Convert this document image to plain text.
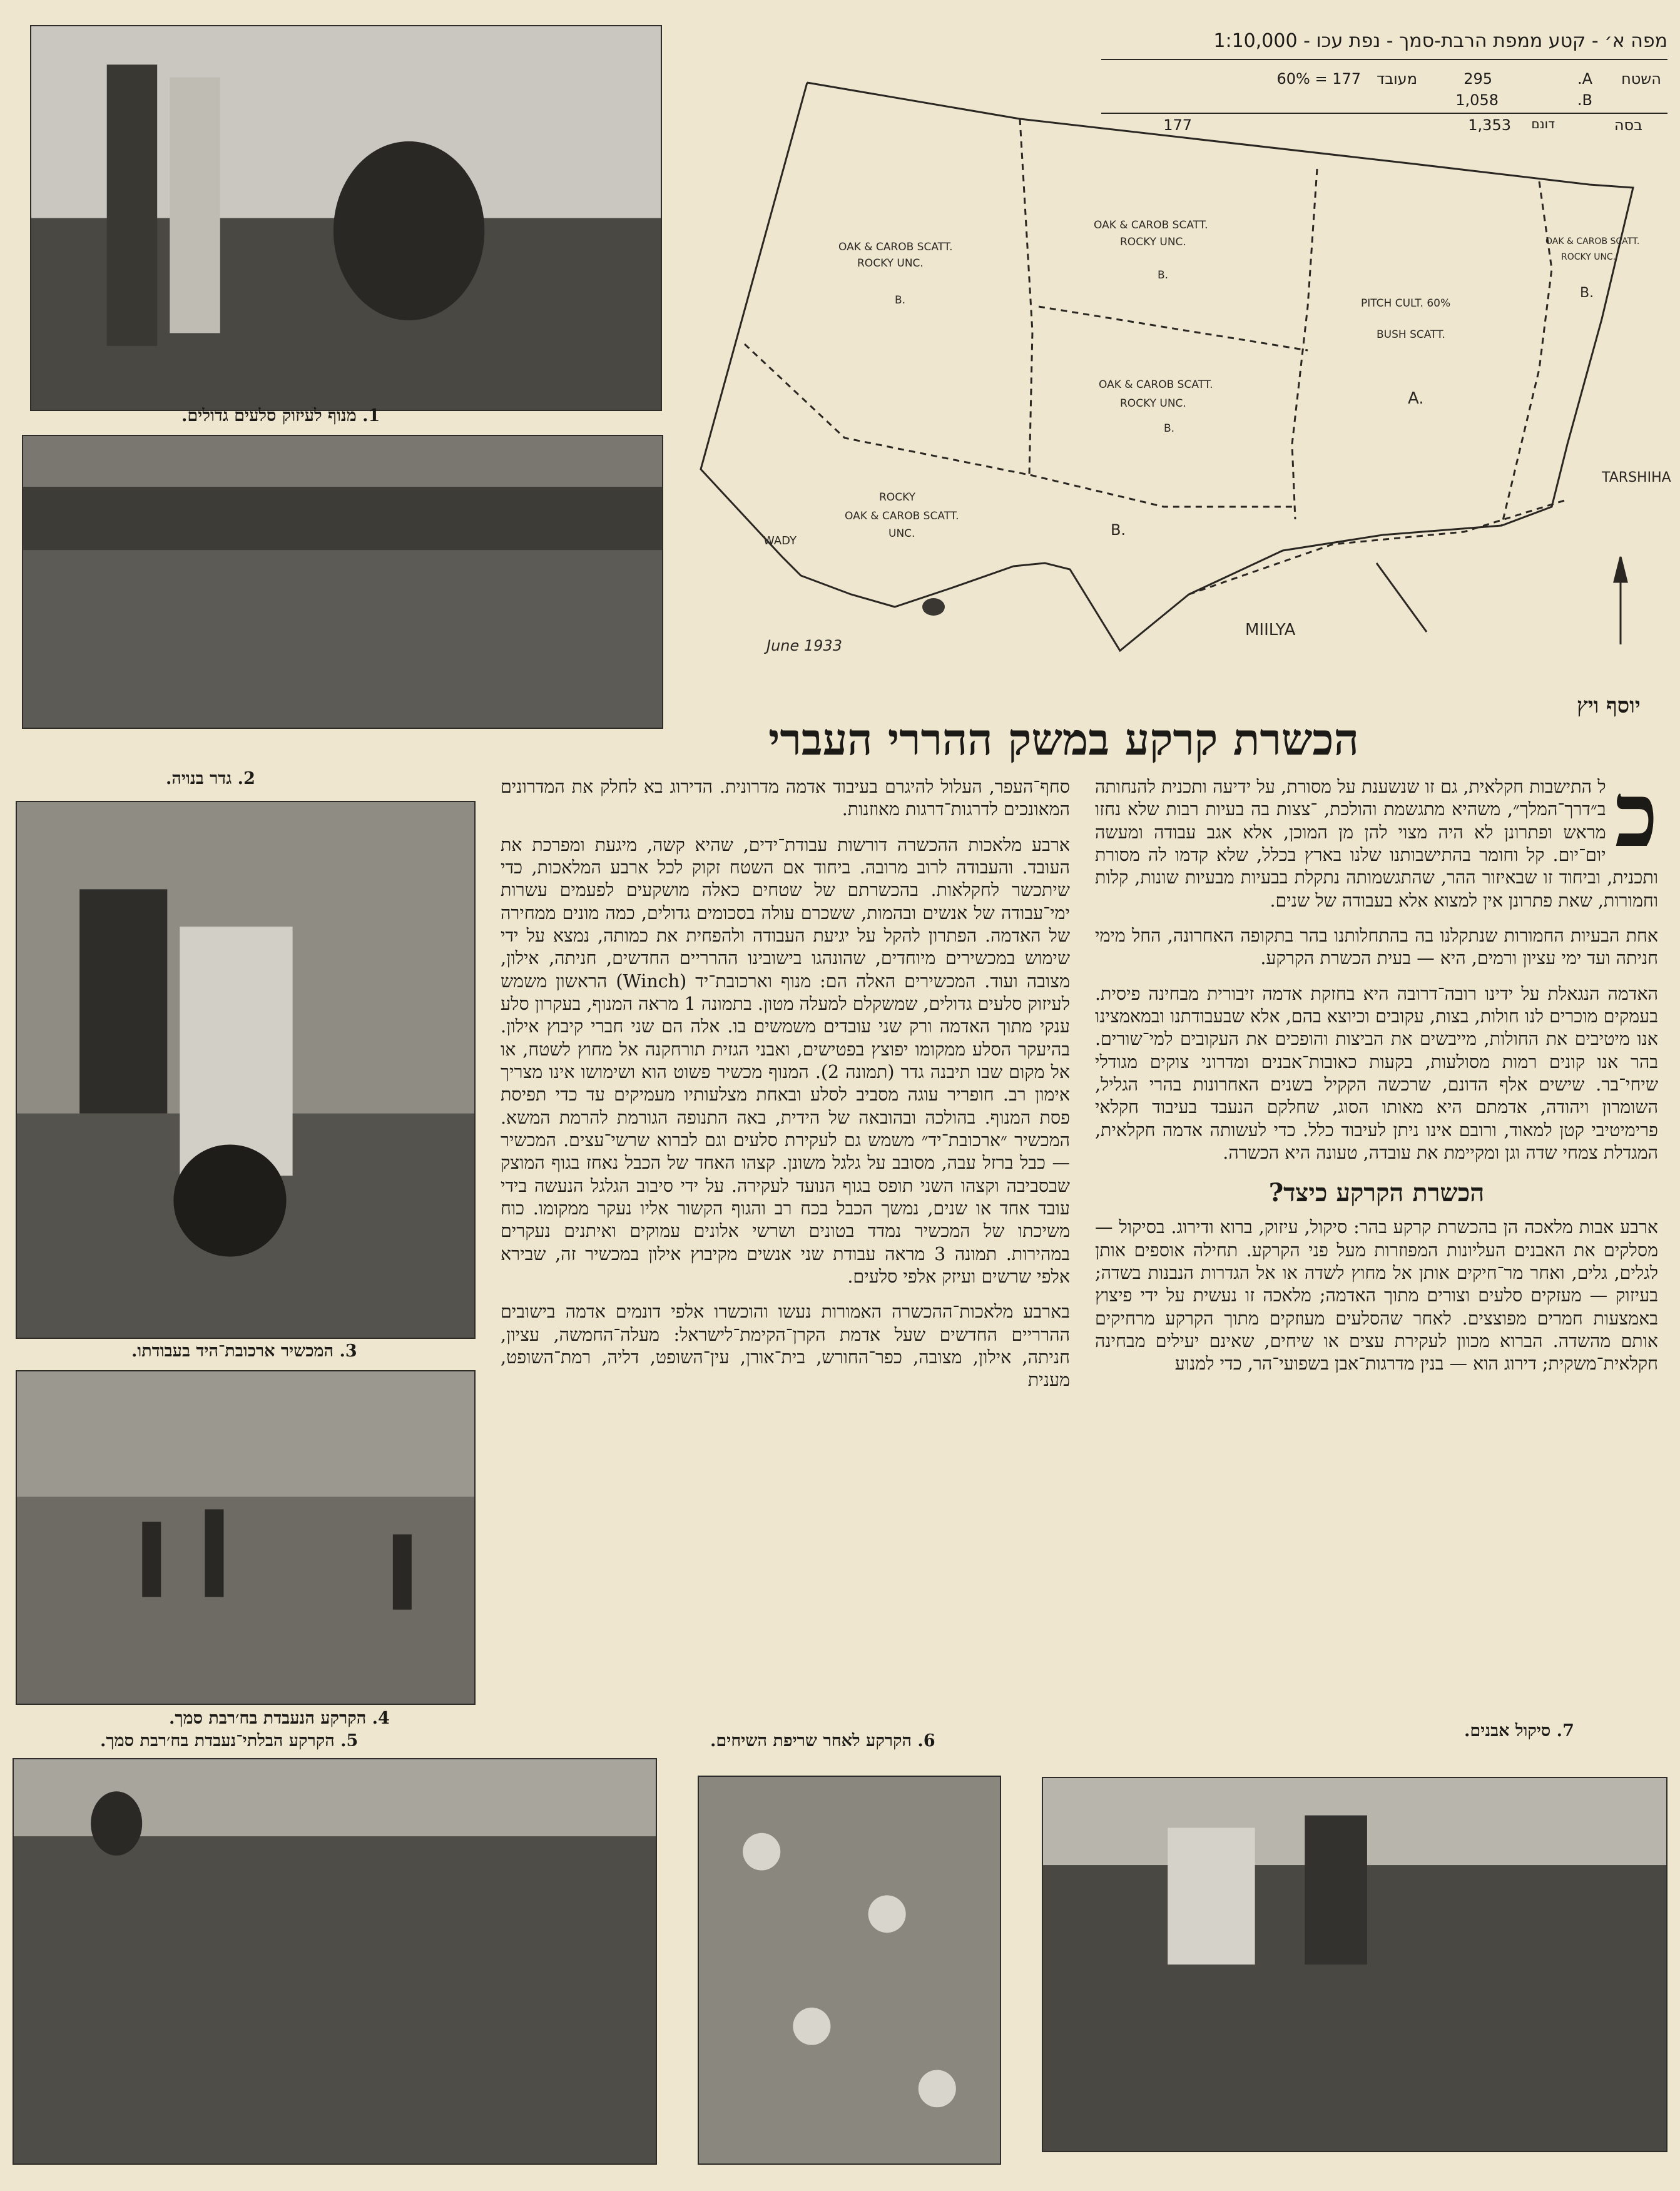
1. מנוף לעיזוק סלעים גדולים.
2. גדר בנויה.
3. המכשיר ארכובת־היד בעבודתו.
4. הקרקע הנעבדת בח׳רבת סמך.
5. הקרקע הבלתי־נעבדת בח׳רבת סמך.	6. הקרקע לאחר שריפת השיחים.
7. סיקול אבנים.
מפה א׳ - קטע ממפת הרבת-סמך - נפת עכו - 1:10,000
השטח
A.
295
מעובד
177 = 60%
B.
1,058
בסה
1,353 דונם
177
OAK & CAROB SCATT.
ROCKY UNC.
B.
OAK & CAROB SCATT.
ROCKY UNC.
B.
PITCH CULT. 60%
BUSH SCATT.
A.
OAK & CAROB SCATT.
ROCKY UNC.
B.
ROCKY
OAK & CAROB SCATT.
UNC.	B.
OAK & CAROB SCATT.
ROCKY UNC.
B.
TARSHIHA
MIILYA
WADY
June 1933
יוסף ויץ
הכשרת קרקע במשק ההררי העברי
כ

ל התישבות חקלאית, גם זו שנשענת על מסורת, על ידיעה ותכנית להנחותה ב״דרך־המלך״, משהיא מתגשמת והולכת, ־צצות בה בעיות רבות שלא נחזו מראש ופתרונן לא היה מצוי להן מן המוכן, אלא אגב עבודה ומעשה יום־יום. קל וחומר בהתישבותנו שלנו בארץ בכלל, שלא קדמו לה מסורת ותכנית, וביחוד זו שבאיזור ההר, שהתגשמותה נתקלת בבעיות מבעיות שונות, קלות וחמורות, שאת פתרונן אין למצוא אלא בעבודה של שנים.

אחת הבעיות החמורות שנתקלנו בה בהתחלותנו בהר בתקופה האחרונה, החל מימי חניתה ועד ימי עציון ורמים, היא — בעית הכשרת הקרקע.

האדמה הנגאלת על ידינו רובה־דרובה היא בחזקת אדמה זיבורית מבחינה פיסית. בעמקים מוכרים לנו חולות, בצות, עקובים וכיוצא בהם, אלא שבעבודתנו ובמאמצינו אנו מיטיבים את החולות, מייבשים את הביצות והופכים את העקובים למי־שורים. בהר אנו קונים רמות מסולעות, בקעות כאובות־אבנים ומדרוני צוקים מגודלי שיחי־בר. שישים אלף הדונם, שרכשה הקקיל בשנים האחרונות בהרי הגליל, השומרון ויהודה, אדמתם היא מאותו הסוג, שחלקם הנעבד בעיבוד חקלאי פרימיטיבי קטן למאוד, ורובם אינו ניתן לעיבוד כלל. כדי לעשותה אדמה חקלאית, המגדלת צמחי שדה וגן ומקיימת את עובדה, טעונה היא הכשרה.

הכשרת הקרקע כיצד?

ארבע אבות מלאכה הן בהכשרת קרקע בהר: סיקול, עיזוק, ברוא ודירוג. בסיקול — מסלקים את האבנים העליונות המפוזרות מעל פני הקרקע. תחילה אוספים אותן לגלים, גלים, ואחר מר־חיקים אותן אל מחוץ לשדה או אל הגדרות הנבנות בשדה; בעיזוק — מעזקים סלעים וצורים מתוך האדמה; מלאכה זו נעשית על ידי פיצוץ באמצעות חמרים מפוצצים. לאחר שהסלעים מעוזקים מתוך הקרקע מרחיקים אותם מהשדה. הברוא מכוון לעקירת עצים או שיחים, שאינם יעילים מבחינה חקלאית־משקית; דירוג הוא — בנין מדרגות־אבן בשפועי־הר, כדי למנוע

סחף־העפר, העלול להיגרם בעיבוד אדמה מדרונית. הדירוג בא לחלק את המדרונים המאונכים לדרגות־דרגות מאוזנות.

ארבע מלאכות ההכשרה דורשות עבודת־ידים, שהיא קשה, מיגעת ומפרכת את העובד. והעבודה לרוב מרובה. ביחוד אם השטח זקוק לכל ארבע המלאכות, כדי שיתכשר לחקלאות. בהכשרתם של שטחים כאלה מושקעים לפעמים עשרות ימי־עבודה של אנשים ובהמות, ששכרם עולה בסכומים גדולים, כמה מונים ממחירה של האדמה. הפתרון להקל על יגיעת העבודה ולהפחית את כמותה, נמצא על ידי שימוש במכשירים מיוחדים, שהונהגו בישובינו ההרריים החדשים, חניתה, אילון, מצובה ועוד. המכשירים האלה הם: מנוף וארכובת־יד (Winch) הראשון משמש לעיזוק סלעים גדולים, שמשקלם למעלה מטון. בתמונה 1 מראה המנוף, בעקרון סלע ענקי מתוך האדמה ורק שני עובדים משמשים בו. אלה הם שני חברי קיבוץ אילון. בהיעקר הסלע ממקומו יפוצץ בפטישים, ואבני הגזית תורחקנה אל מחוץ לשטח, או אל מקום שבו תיבנה גדר (תמונה 2). המנוף מכשיר פשוט הוא ושימושו אינו מצריך אימון רב. חופריר עוגה מסביב לסלע ובאחת מצלעותיו מעמיקים עד כדי תפיסת פסת המנוף. בהולכה ובהובאה של הידית, באה התנופה הגורמת להרמת המשא. המכשיר ״ארכובת־יד״ משמש גם לעקירת סלעים וגם לברוא שרשי־עצים. המכשיר — כבל ברזל עבה, מסובב על גלגל משונן. קצהו האחד של הכבל נאחז בגוף המוצק שבסביבה וקצהו השני תופס בגוף הנועד לעקירה. על ידי סיבוב הגלגל הנעשה בידי עובד אחד או שנים, נמשך הכבל בכח רב והגוף הקשור אליו נעקר ממקומו. כוח משיכתו של המכשיר נמדד בטונים ושרשי אלונים עמוקים ואיתנים נעקרים במהירות. תמונה 3 מראה עבודת שני אנשים מקיבוץ אילון במכשיר זה, שבירא אלפי שרשים ועיזק אלפי סלעים.

בארבע מלאכות־ההכשרה האמורות נעשו והוכשרו אלפי דונמים אדמה בישובים ההרריים החדשים שעל אדמת הקרן־הקימת־לישראל: מעלה־החמשה, עציון, חניתה, אילון, מצובה, כפר־החורש, בית־אורן, עין־השופט, דליה, רמת־השופט, מענית
